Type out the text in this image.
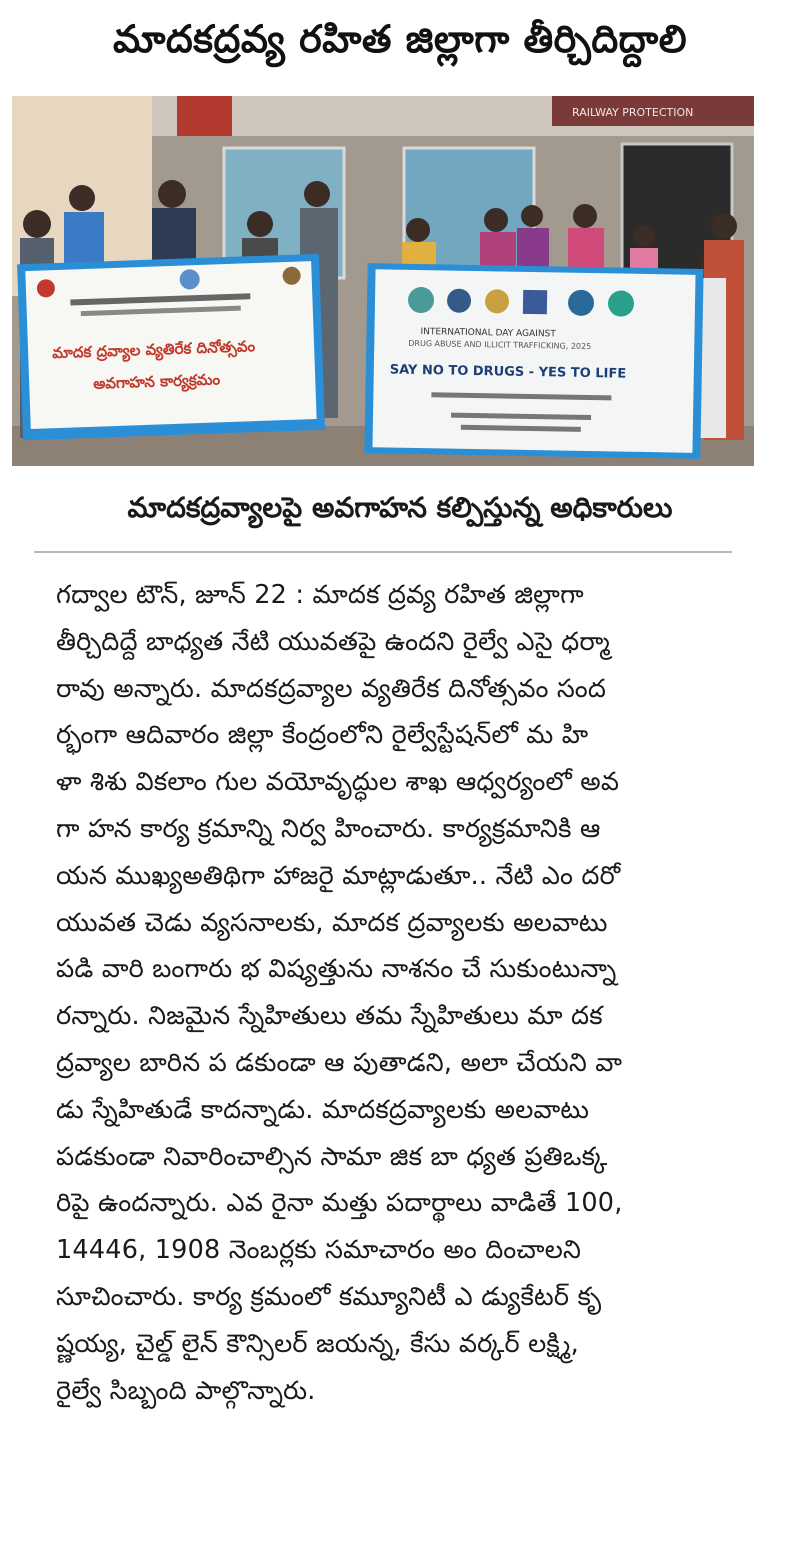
మాదకద్రవ్య రహిత జిల్లాగా తీర్చిదిద్దాలి
RAILWAY PROTECTION
మాదక ద్రవ్యాల వ్యతిరేక దినోత్సవం
అవగాహన కార్యక్రమం
INTERNATIONAL DAY AGAINST
DRUG ABUSE AND ILLICIT TRAFFICKING, 2025
SAY NO TO DRUGS - YES TO LIFE
మాదకద్రవ్యాలపై అవగాహన కల్పిస్తున్న అధికారులు
గద్వాల టౌన్, జూన్ 22 : మాదక ద్రవ్య రహిత జిల్లాగా
తీర్చిదిద్దే బాధ్యత నేటి యువతపై ఉందని రైల్వే ఎసై ధర్మా
రావు అన్నారు. మాదకద్రవ్యాల వ్యతిరేక దినోత్సవం సంద
ర్భంగా ఆదివారం జిల్లా కేంద్రంలోని రైల్వేస్టేషన్‌లో మ హి
ళా శిశు వికలాం గుల వయోవృద్ధుల శాఖ ఆధ్వర్యంలో అవ
గా హన కార్య క్రమాన్ని నిర్వ హించారు. కార్యక్రమానికి ఆ
యన ముఖ్యఅతిథిగా హాజరై మాట్లాడుతూ.. నేటి ఎం దరో
యువత చెడు వ్యసనాలకు, మాదక ద్రవ్యాలకు అలవాటు
పడి వారి బంగారు భ విష్యత్తును నాశనం చే సుకుంటున్నా
రన్నారు. నిజమైన స్నేహితులు తమ స్నేహితులు మా దక
ద్రవ్యాల బారిన ప డకుండా ఆ పుతాడని, అలా చేయని వా
డు స్నేహితుడే కాదన్నాడు. మాదకద్రవ్యాలకు అలవాటు
పడకుండా నివారించాల్సిన సామా జిక బా ధ్యత ప్రతిఒక్క
రిపై ఉందన్నారు. ఎవ రైనా మత్తు పదార్థాలు వాడితే 100,
14446, 1908 నెంబర్లకు సమాచారం అం దించాలని
సూచించారు. కార్య క్రమంలో కమ్యూనిటీ ఎ డ్యుకేటర్ కృ
ష్ణయ్య, చైల్డ్ లైన్ కౌన్సిలర్ జయన్న, కేసు వర్కర్ లక్ష్మి,
రైల్వే సిబ్బంది పాల్గొన్నారు.
